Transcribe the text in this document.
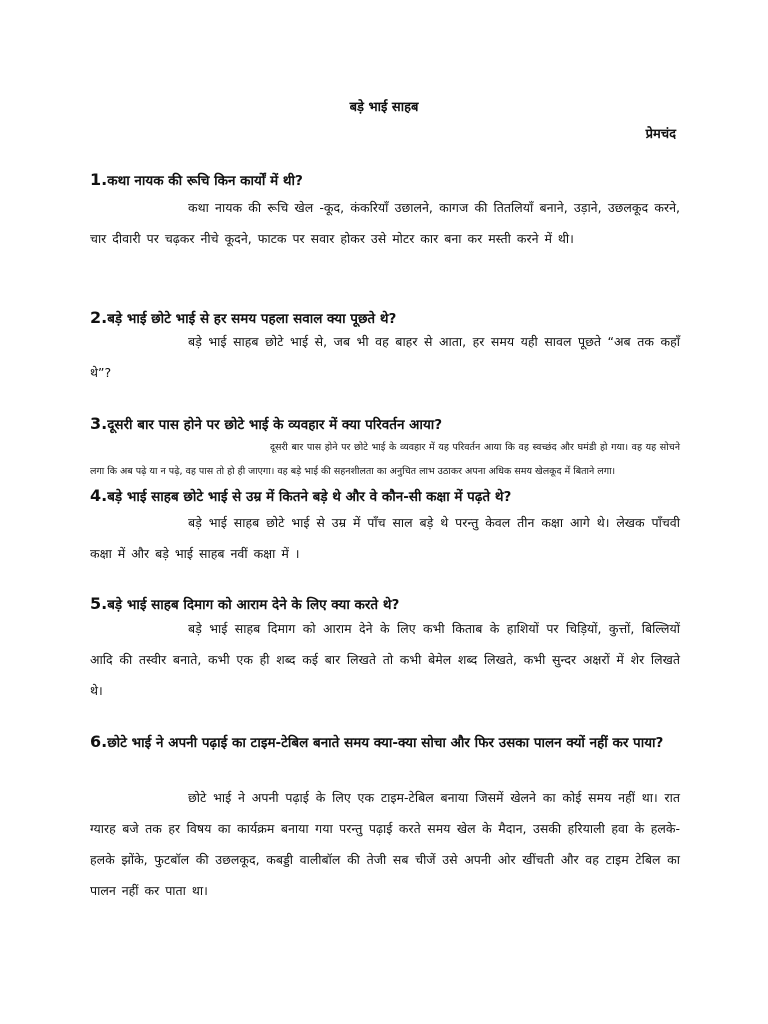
बड़े भाई साहब
प्रेमचंद
1.कथा नायक की रूचि किन कार्यों में थी?
कथा नायक की रूचि खेल -कूद, कंकरियाँ उछालने, कागज की तितलियाँ बनाने, उड़ाने, उछलकूद करने, चार दीवारी पर चढ़कर नीचे कूदने, फाटक पर सवार होकर उसे मोटर कार बना कर मस्ती करने में थी।
2.बड़े भाई छोटे भाई से हर समय पहला सवाल क्या पूछते थे?
बड़े भाई साहब छोटे भाई से, जब भी वह बाहर से आता, हर समय यही सावल पूछते “अब तक कहाँ थे”?
3.दूसरी बार पास होने पर छोटे भाई के व्यवहार में क्या परिवर्तन आया?
दूसरी बार पास होने पर छोटे भाई के व्यवहार में यह परिवर्तन आया कि वह स्वच्छंद और घमंडी हो गया। वह यह सोचने लगा कि अब पढ़े या न पढ़े, वह पास तो हो ही जाएगा। वह बड़े भाई की सहनशीलता का अनुचित लाभ उठाकर अपना अधिक समय खेलकूद में बिताने लगा।
4.बड़े भाई साहब छोटे भाई से उम्र में कितने बड़े थे और वे कौन-सी कक्षा में पढ़ते थे?
बड़े भाई साहब छोटे भाई से उम्र में पाँच साल बड़े थे परन्तु केवल तीन कक्षा आगे थे। लेखक पाँचवी कक्षा में और बड़े भाई साहब नवीं कक्षा में ।
5.बड़े भाई साहब दिमाग को आराम देने के लिए क्या करते थे?
बड़े भाई साहब दिमाग को आराम देने के लिए कभी किताब के हाशियों पर चिड़ियों, कुत्तों, बिल्लियों आदि की तस्वीर बनाते, कभी एक ही शब्द कई बार लिखते तो कभी बेमेल शब्द लिखते, कभी सुन्दर अक्षरों में शेर लिखते थे।
6.छोटे भाई ने अपनी पढ़ाई का टाइम-टेबिल बनाते समय क्या-क्या सोचा और फिर उसका पालन क्यों नहीं कर पाया?
छोटे भाई ने अपनी पढ़ाई के लिए एक टाइम-टेबिल बनाया जिसमें खेलने का कोई समय नहीं था। रात ग्यारह बजे तक हर विषय का कार्यक्रम बनाया गया परन्तु पढ़ाई करते समय खेल के मैदान, उसकी हरियाली हवा के हलके-हलके झोंके, फुटबॉल की उछलकूद, कबड्डी वालीबॉल की तेजी सब चीजें उसे अपनी ओर खींचती और वह टाइम टेबिल का पालन नहीं कर पाता था।
